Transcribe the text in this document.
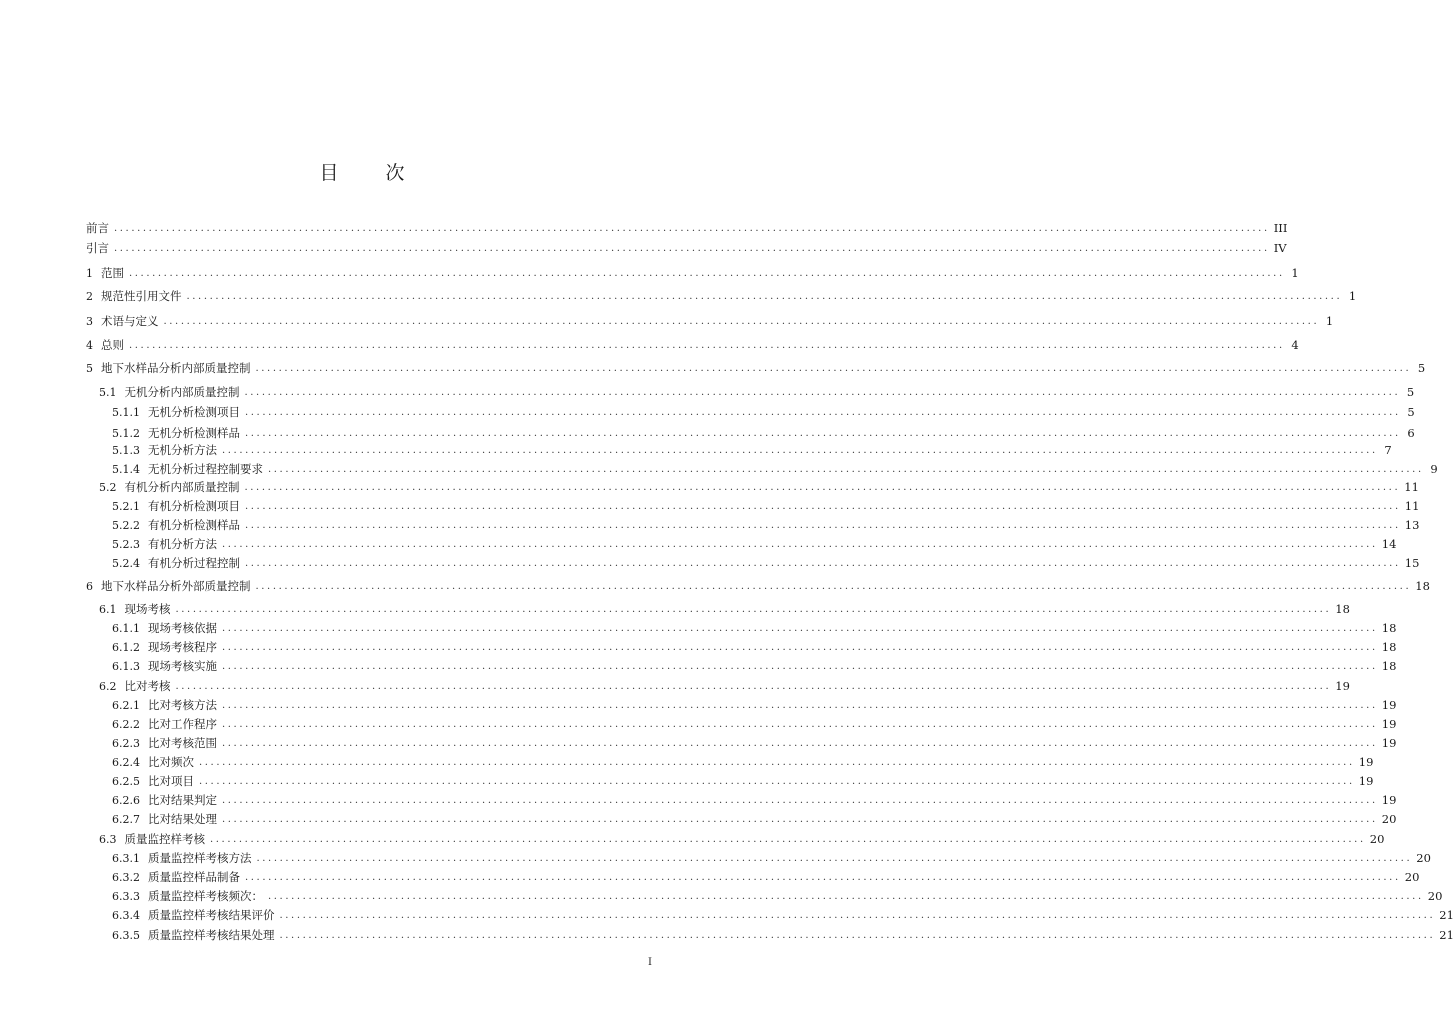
目　次
前言 ........................................................................................................................................................................................................ III
引言 ........................................................................................................................................................................................................ IV
1 范围 ........................................................................................................................................................................................................ 1
2 规范性引用文件 ........................................................................................................................................................................................................ 1
3 术语与定义 ........................................................................................................................................................................................................ 1
4 总则 ........................................................................................................................................................................................................ 4
5 地下水样品分析内部质量控制 ........................................................................................................................................................................................................ 5
5.1 无机分析内部质量控制 ........................................................................................................................................................................................................ 5
5.1.1 无机分析检测项目 ........................................................................................................................................................................................................ 5
5.1.2 无机分析检测样品 ........................................................................................................................................................................................................ 6
5.1.3 无机分析方法 ........................................................................................................................................................................................................ 7
5.1.4 无机分析过程控制要求 ........................................................................................................................................................................................................ 9
5.2 有机分析内部质量控制 ........................................................................................................................................................................................................ 11
5.2.1 有机分析检测项目 ........................................................................................................................................................................................................ 11
5.2.2 有机分析检测样品 ........................................................................................................................................................................................................ 13
5.2.3 有机分析方法 ........................................................................................................................................................................................................ 14
5.2.4 有机分析过程控制 ........................................................................................................................................................................................................ 15
6 地下水样品分析外部质量控制 ........................................................................................................................................................................................................ 18
6.1 现场考核 ........................................................................................................................................................................................................ 18
6.1.1 现场考核依据 ........................................................................................................................................................................................................ 18
6.1.2 现场考核程序 ........................................................................................................................................................................................................ 18
6.1.3 现场考核实施 ........................................................................................................................................................................................................ 18
6.2 比对考核 ........................................................................................................................................................................................................ 19
6.2.1 比对考核方法 ........................................................................................................................................................................................................ 19
6.2.2 比对工作程序 ........................................................................................................................................................................................................ 19
6.2.3 比对考核范围 ........................................................................................................................................................................................................ 19
6.2.4 比对频次 ........................................................................................................................................................................................................ 19
6.2.5 比对项目 ........................................................................................................................................................................................................ 19
6.2.6 比对结果判定 ........................................................................................................................................................................................................ 19
6.2.7 比对结果处理 ........................................................................................................................................................................................................ 20
6.3 质量监控样考核 ........................................................................................................................................................................................................ 20
6.3.1 质量监控样考核方法 ........................................................................................................................................................................................................ 20
6.3.2 质量监控样品制备 ........................................................................................................................................................................................................ 20
6.3.3 质量监控样考核频次： ........................................................................................................................................................................................................ 20
6.3.4 质量监控样考核结果评价 ........................................................................................................................................................................................................ 21
6.3.5 质量监控样考核结果处理 ........................................................................................................................................................................................................ 21
I
